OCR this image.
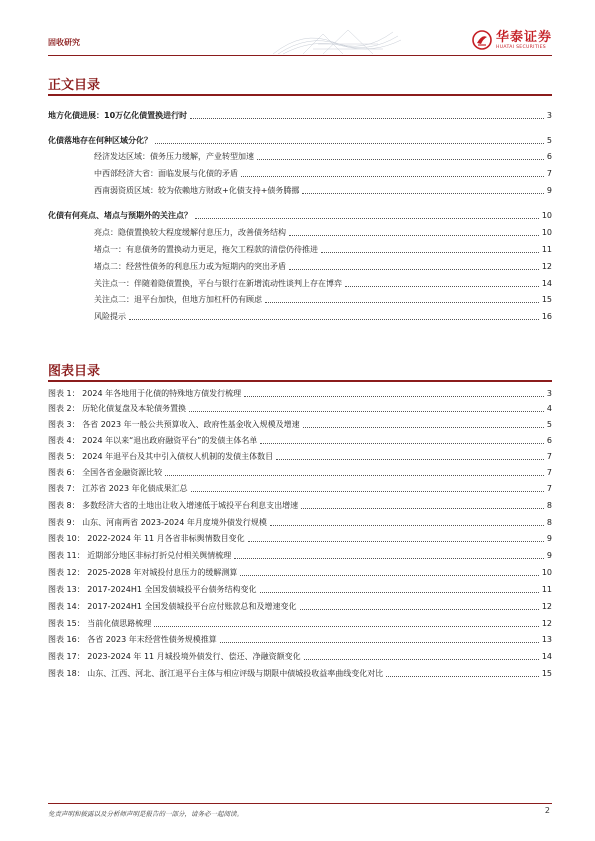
固收研究	华泰证券
HUATAI SECURITIES
正文目录
地方化债进展：10万亿化债置换进行时	3
化债落地存在何种区域分化？	5
经济发达区域：债务压力缓解，产业转型加速	6
中西部经济大省：面临发展与化债的矛盾	7
西南弱资质区域：较为依赖地方财政+化债支持+债务腾挪	9
化债有何亮点、堵点与预期外的关注点？	10
亮点：隐债置换较大程度缓解付息压力，改善债务结构	10
堵点一：有息债务的置换动力更足，拖欠工程款的清偿仍待推进	11
堵点二：经营性债务的利息压力或为短期内的突出矛盾	12
关注点一：伴随着隐债置换，平台与银行在新增流动性谈判上存在博弈	14
关注点二：退平台加快，但地方加杠杆仍有顾虑	15
风险提示	16
图表目录
图表 1： 2024 年各地用于化债的特殊地方债发行梳理	3
图表 2： 历轮化债复盘及本轮债务置换	4
图表 3： 各省 2023 年一般公共预算收入、政府性基金收入规模及增速	5
图表 4： 2024 年以来“退出政府融资平台”的发债主体名单	6
图表 5： 2024 年退平台及其中引入债权人机制的发债主体数目	7
图表 6： 全国各省金融资源比较	7
图表 7： 江苏省 2023 年化债成果汇总	7
图表 8： 多数经济大省的土地出让收入增速低于城投平台利息支出增速	8
图表 9： 山东、河南两省 2023-2024 年月度境外债发行规模	8
图表 10： 2022-2024 年 11 月各省非标舆情数目变化	9
图表 11： 近期部分地区非标打折兑付相关舆情梳理	9
图表 12： 2025-2028 年对城投付息压力的缓解测算	10
图表 13： 2017-2024H1 全国发债城投平台债务结构变化	11
图表 14： 2017-2024H1 全国发债城投平台应付账款总和及增速变化	12
图表 15： 当前化债思路梳理	12
图表 16： 各省 2023 年末经营性债务规模推算	13
图表 17： 2023-2024 年 11 月城投境外债发行、偿还、净融资额变化	14
图表 18： 山东、江西、河北、浙江退平台主体与相应评级与期限中债城投收益率曲线变化对比	15
免责声明和披露以及分析师声明是报告的一部分，请务必一起阅读。	2
